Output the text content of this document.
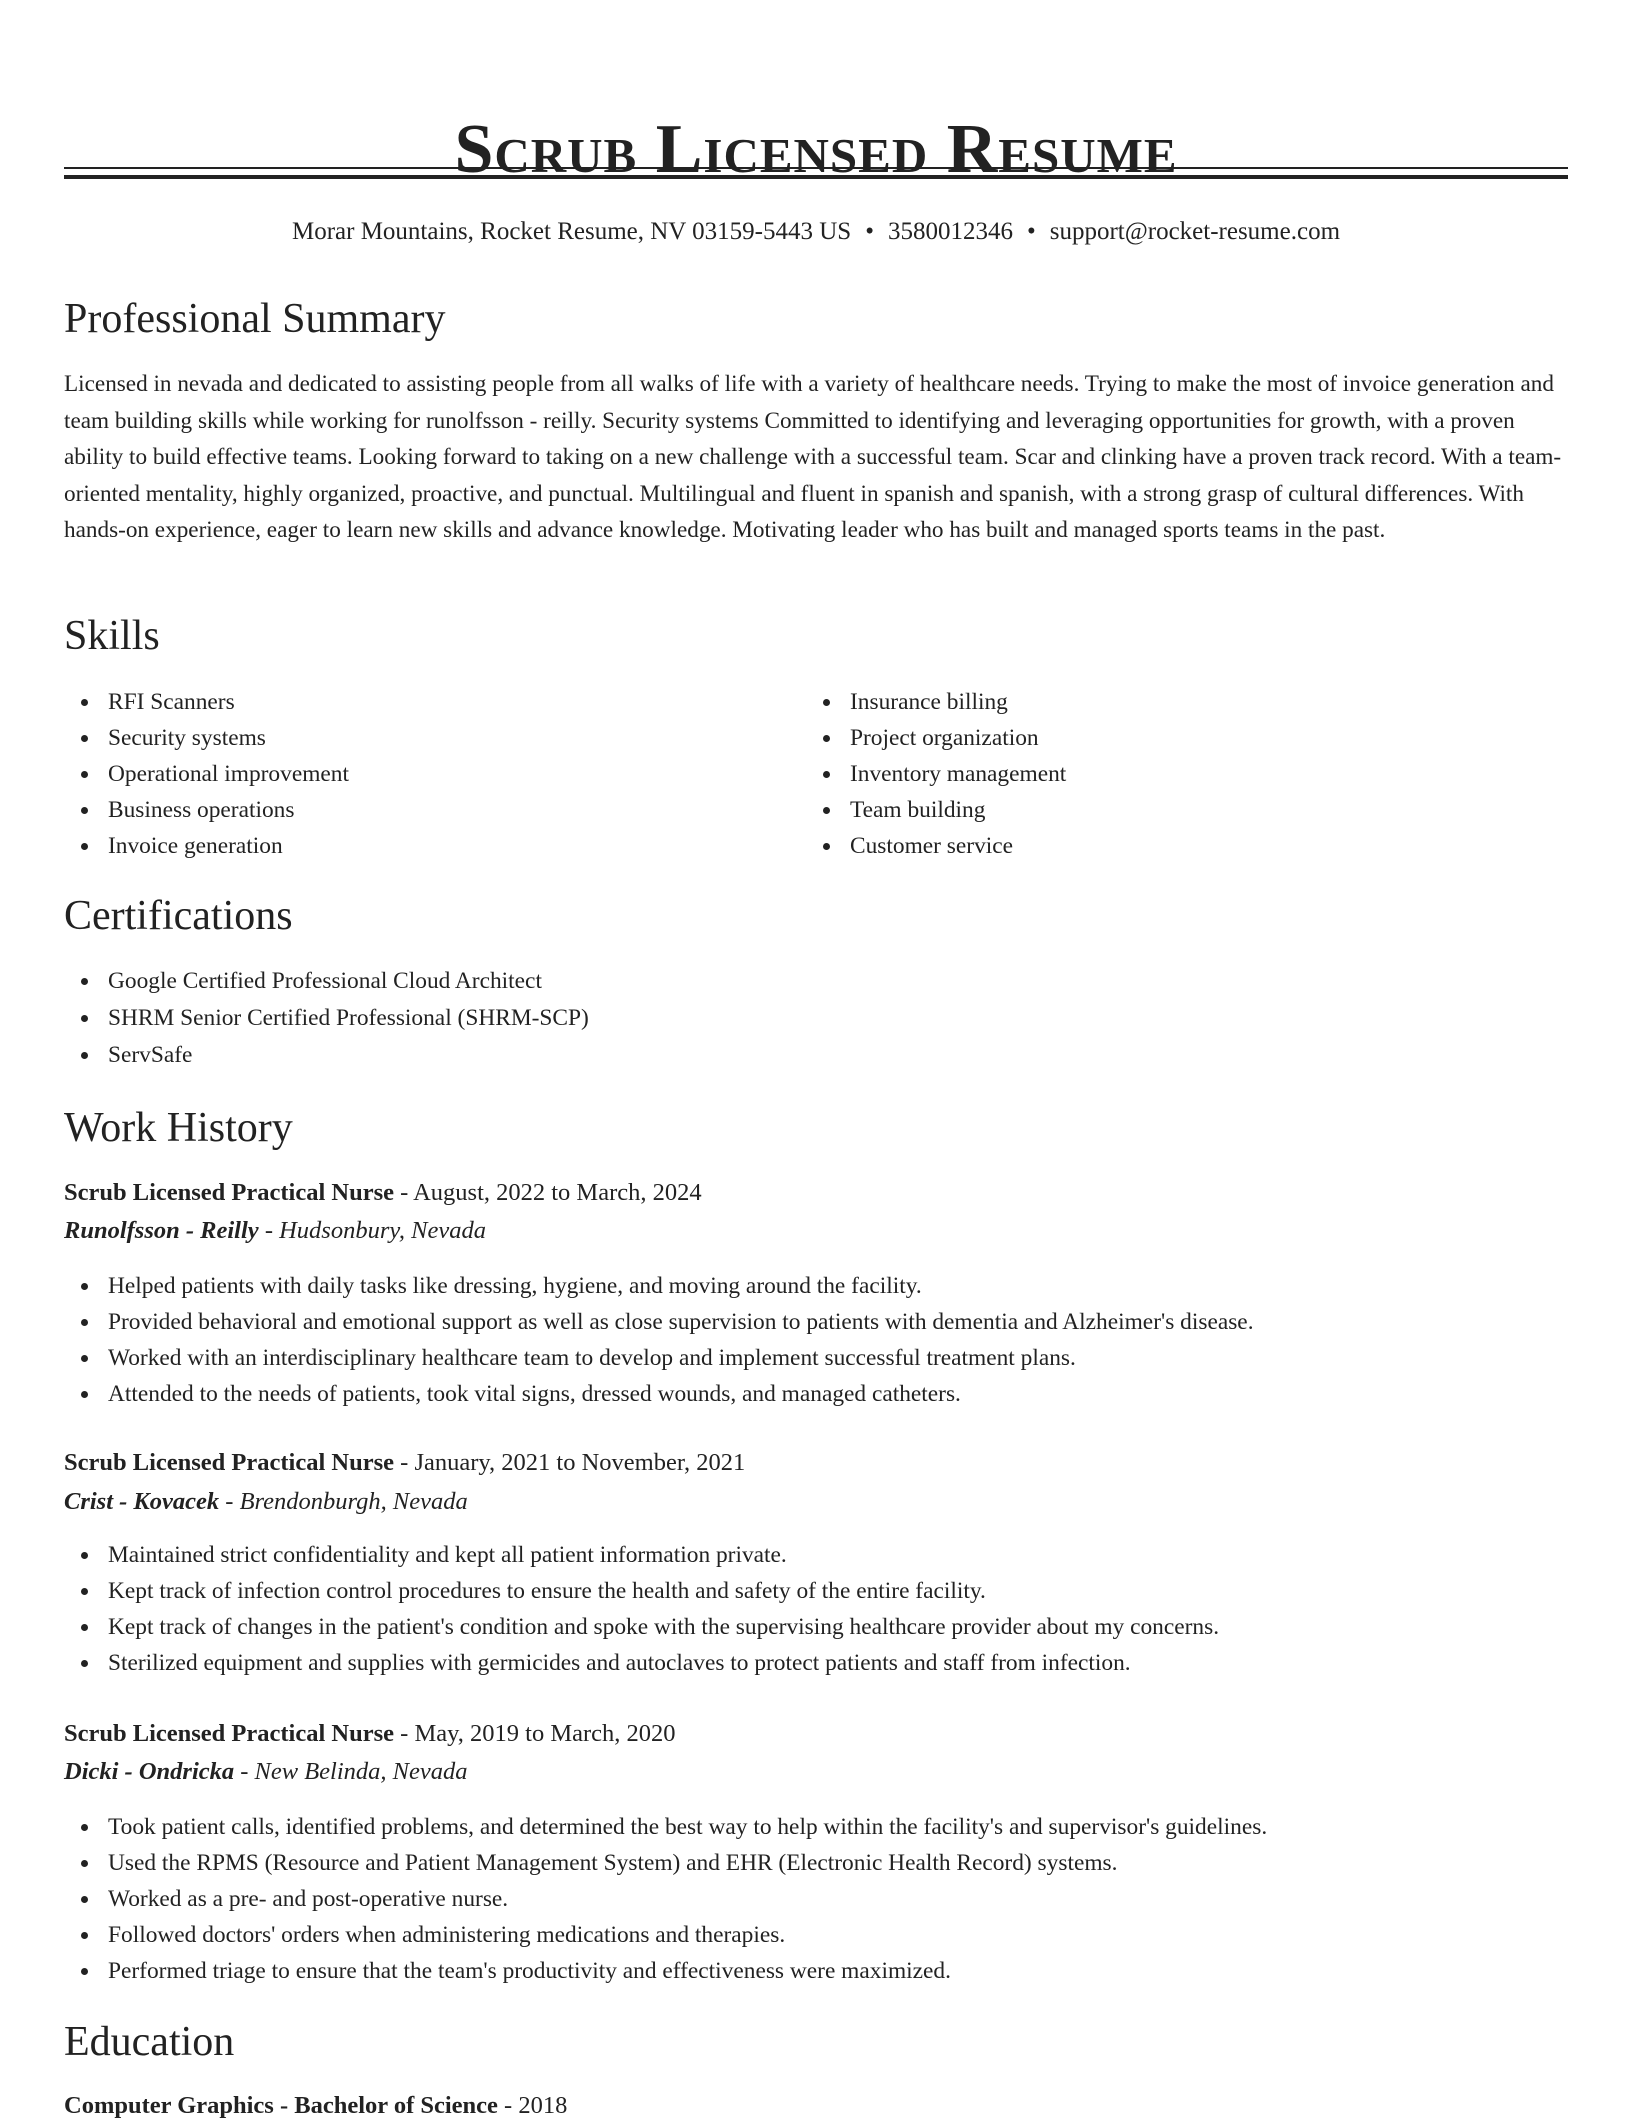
Scrub Licensed Resume
Morar Mountains, Rocket Resume, NV 03159-5443 US • 3580012346 • support@rocket-resume.com
Professional Summary

Licensed in nevada and dedicated to assisting people from all walks of life with a variety of healthcare needs. Trying to make the most of invoice generation and team building skills while working for runolfsson - reilly. Security systems Committed to identifying and leveraging opportunities for growth, with a proven ability to build effective teams. Looking forward to taking on a new challenge with a successful team. Scar and clinking have a proven track record. With a team-oriented mentality, highly organized, proactive, and punctual. Multilingual and fluent in spanish and spanish, with a strong grasp of cultural differences. With hands-on experience, eager to learn new skills and advance knowledge. Motivating leader who has built and managed sports teams in the past.

Skills
RFI Scanners
Security systems
Operational improvement
Business operations
Invoice generation
Insurance billing
Project organization
Inventory management
Team building
Customer service
Certifications
Google Certified Professional Cloud Architect
SHRM Senior Certified Professional (SHRM-SCP)
ServSafe
Work History
Scrub Licensed Practical Nurse - August, 2022 to March, 2024
Runolfsson - Reilly - Hudsonbury, Nevada
Helped patients with daily tasks like dressing, hygiene, and moving around the facility.
Provided behavioral and emotional support as well as close supervision to patients with dementia and Alzheimer's disease.
Worked with an interdisciplinary healthcare team to develop and implement successful treatment plans.
Attended to the needs of patients, took vital signs, dressed wounds, and managed catheters.
Scrub Licensed Practical Nurse - January, 2021 to November, 2021
Crist - Kovacek - Brendonburgh, Nevada
Maintained strict confidentiality and kept all patient information private.
Kept track of infection control procedures to ensure the health and safety of the entire facility.
Kept track of changes in the patient's condition and spoke with the supervising healthcare provider about my concerns.
Sterilized equipment and supplies with germicides and autoclaves to protect patients and staff from infection.
Scrub Licensed Practical Nurse - May, 2019 to March, 2020
Dicki - Ondricka - New Belinda, Nevada
Took patient calls, identified problems, and determined the best way to help within the facility's and supervisor's guidelines.
Used the RPMS (Resource and Patient Management System) and EHR (Electronic Health Record) systems.
Worked as a pre- and post-operative nurse.
Followed doctors' orders when administering medications and therapies.
Performed triage to ensure that the team's productivity and effectiveness were maximized.
Education
Computer Graphics - Bachelor of Science - 2018
